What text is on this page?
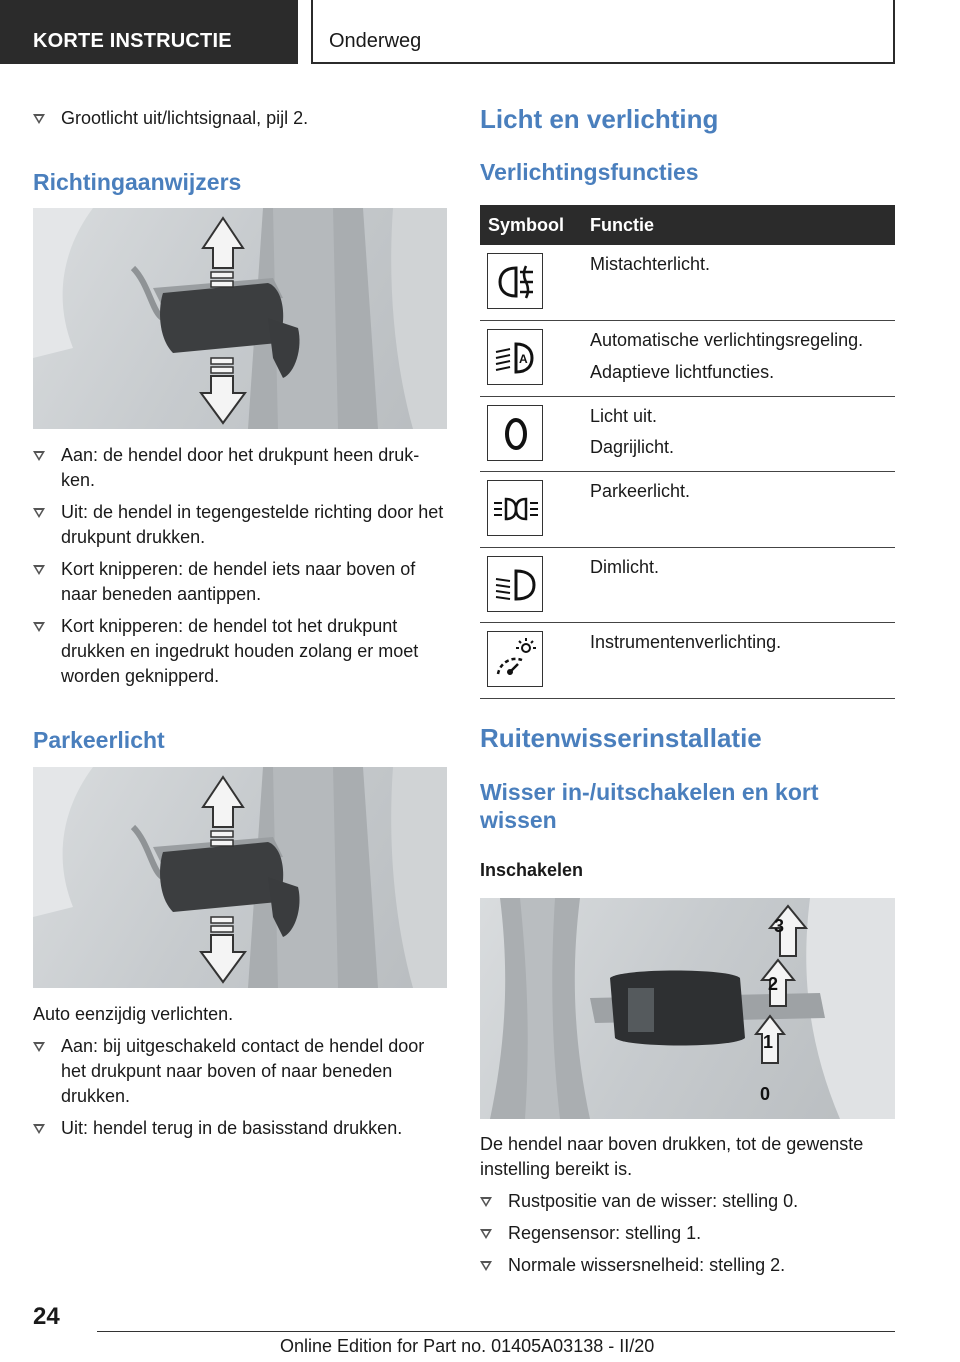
KORTE INSTRUCTIE	Onderweg
Grootlicht uit/lichtsignaal, pijl 2.
Richtingaanwijzers
Aan: de hendel door het drukpunt heen druk-ken.
Uit: de hendel in tegengestelde richting door het drukpunt drukken.
Kort knipperen: de hendel iets naar boven of naar beneden aantippen.
Kort knipperen: de hendel tot het drukpunt drukken en ingedrukt houden zolang er moet worden geknipperd.
Parkeerlicht
Auto eenzijdig verlichten.
Aan: bij uitgeschakeld contact de hendel door het drukpunt naar boven of naar beneden drukken.
Uit: hendel terug in de basisstand drukken.
Licht en verlichting
Verlichtingsfuncties
Symbool Functie
Mistachterlicht.
A
Automatische verlichtingsregeling.
Adaptieve lichtfuncties.
Licht uit.
Dagrijlicht.
Parkeerlicht.
Dimlicht.
Instrumentenverlichting.
Ruitenwisserinstallatie
Wisser in-/uitschakelen en kort wissen
Inschakelen
3
2
1
0
De hendel naar boven drukken, tot de gewenste instelling bereikt is.
Rustpositie van de wisser: stelling 0.
Regensensor: stelling 1.
Normale wissersnelheid: stelling 2.
24
Online Edition for Part no. 01405A03138 - II/20
